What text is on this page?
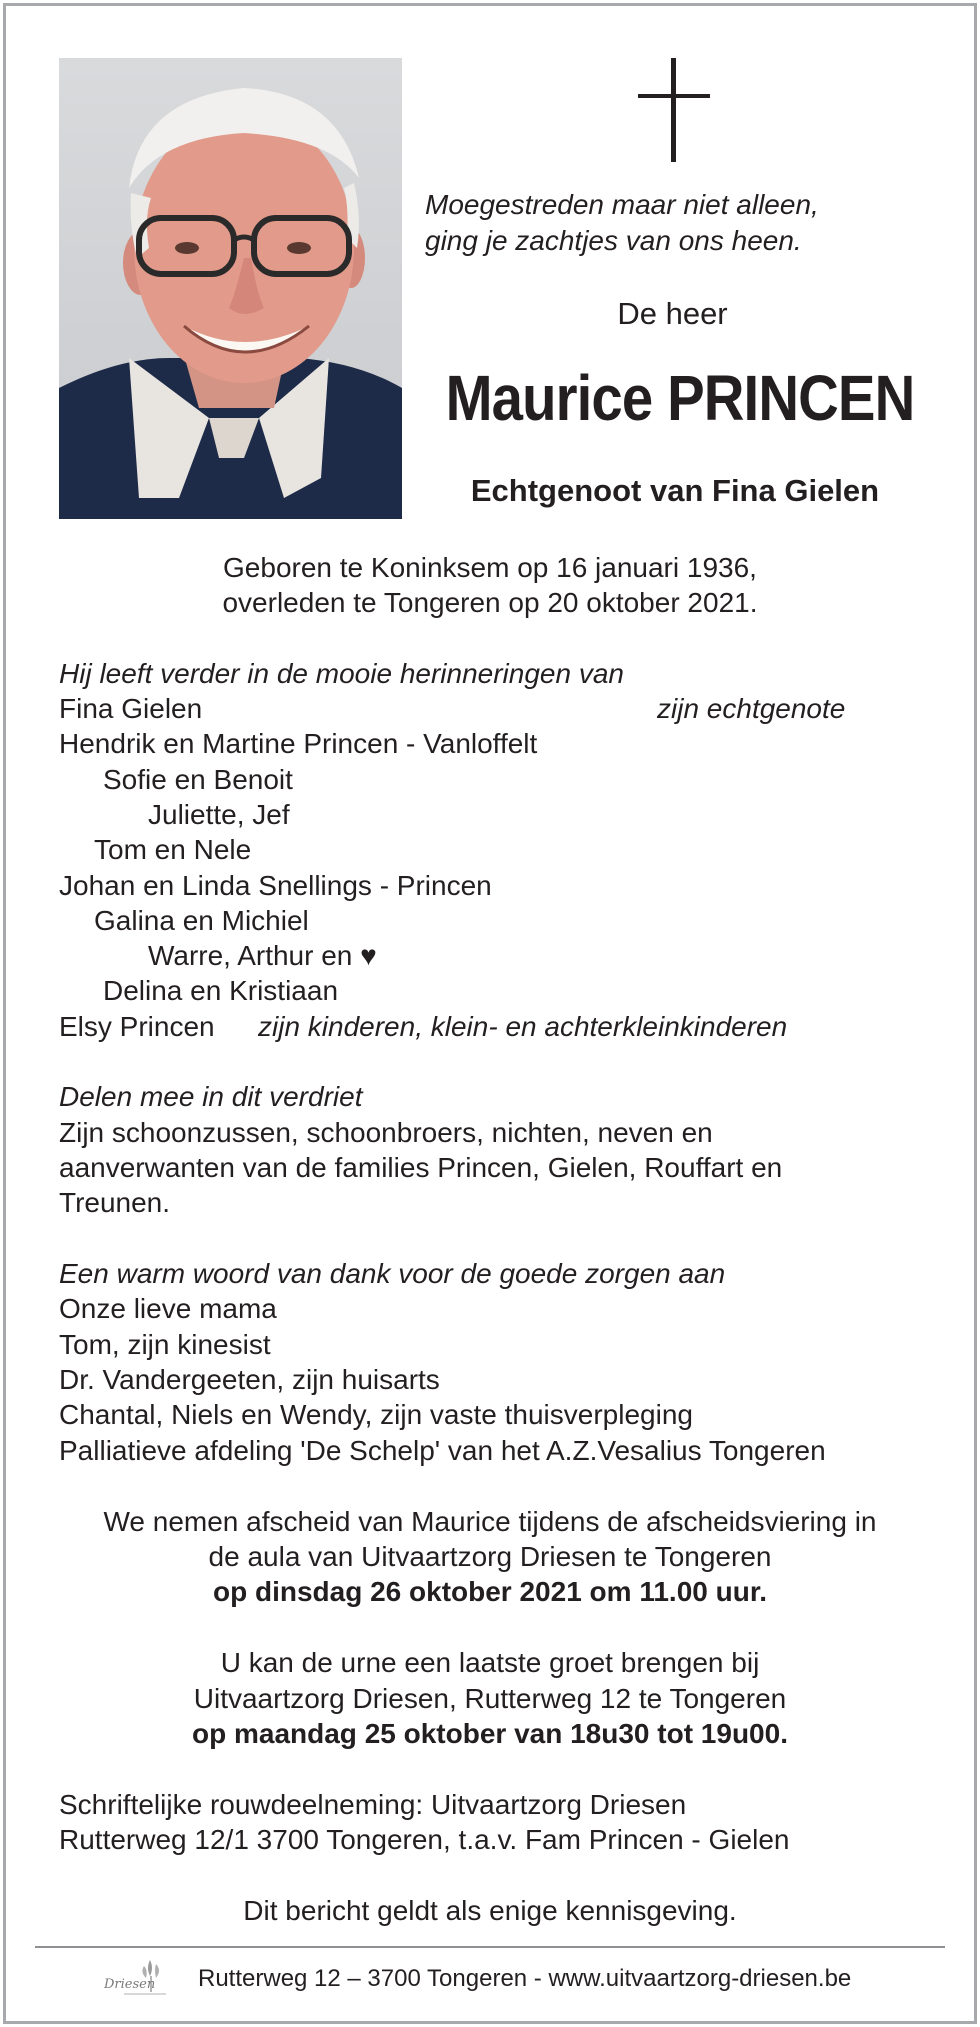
Moegestreden maar niet alleen,
ging je zachtjes van ons heen.
De heer
Maurice PRINCEN
Echtgenoot van Fina Gielen
Geboren te Koninksem op 16 januari 1936,
overleden te Tongeren op 20 oktober 2021.
Hij leeft verder in de mooie herinneringen van
Fina Gielen	zijn echtgenote
Hendrik en Martine Princen - Vanloffelt
Sofie en Benoit
Juliette, Jef
Tom en Nele
Johan en Linda Snellings - Princen
Galina en Michiel
Warre, Arthur en ♥
Delina en Kristiaan
Elsy Princen zijn kinderen, klein- en achterkleinkinderen
Delen mee in dit verdriet
Zijn schoonzussen, schoonbroers, nichten, neven en
aanverwanten van de families Princen, Gielen, Rouffart en
Treunen.
Een warm woord van dank voor de goede zorgen aan
Onze lieve mama
Tom, zijn kinesist
Dr. Vandergeeten, zijn huisarts
Chantal, Niels en Wendy, zijn vaste thuisverpleging
Palliatieve afdeling 'De Schelp' van het A.Z.Vesalius Tongeren
We nemen afscheid van Maurice tijdens de afscheidsviering in
de aula van Uitvaartzorg Driesen te Tongeren
op dinsdag 26 oktober 2021 om 11.00 uur.
U kan de urne een laatste groet brengen bij
Uitvaartzorg Driesen, Rutterweg 12 te Tongeren
op maandag 25 oktober van 18u30 tot 19u00.
Schriftelijke rouwdeelneming: Uitvaartzorg Driesen
Rutterweg 12/1 3700 Tongeren, t.a.v. Fam Princen - Gielen
Dit bericht geldt als enige kennisgeving.
Driesen Rutterweg 12 – 3700 Tongeren - www.uitvaartzorg-driesen.be
